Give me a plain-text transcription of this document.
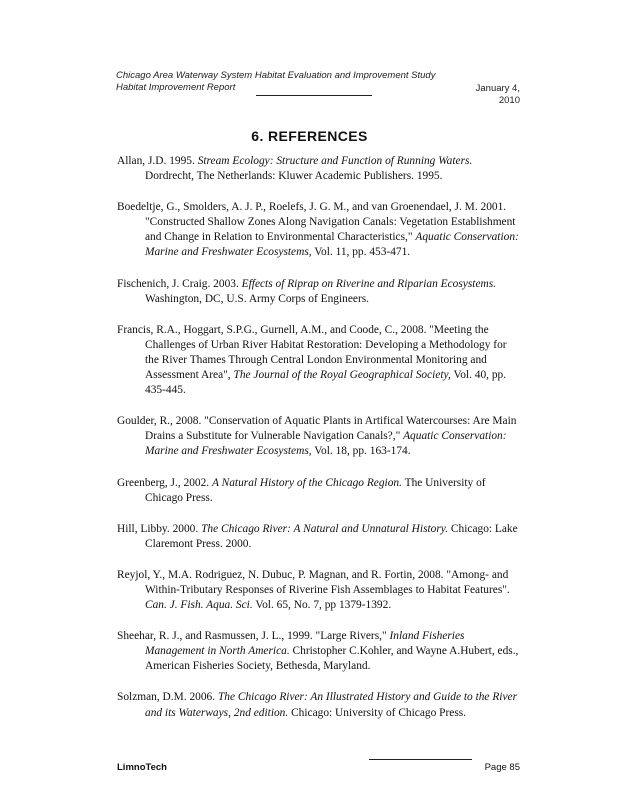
Chicago Area Waterway System Habitat Evaluation and Improvement Study
Habitat Improvement Report	January 4, 2010
6. REFERENCES

Allan, J.D. 1995. Stream Ecology: Structure and Function of Running Waters. Dordrecht, The Netherlands: Kluwer Academic Publishers. 1995.

Boedeltje, G., Smolders, A. J. P., Roelefs, J. G. M., and van Groenendael, J. M. 2001. "Constructed Shallow Zones Along Navigation Canals: Vegetation Establishment and Change in Relation to Environmental Characteristics," Aquatic Conservation: Marine and Freshwater Ecosystems, Vol. 11, pp. 453-471.

Fischenich, J. Craig. 2003. Effects of Riprap on Riverine and Riparian Ecosystems. Washington, DC, U.S. Army Corps of Engineers.

Francis, R.A., Hoggart, S.P.G., Gurnell, A.M., and Coode, C., 2008. "Meeting the Challenges of Urban River Habitat Restoration: Developing a Methodology for the River Thames Through Central London Environmental Monitoring and Assessment Area", The Journal of the Royal Geographical Society, Vol. 40, pp. 435-445.

Goulder, R., 2008. "Conservation of Aquatic Plants in Artifical Watercourses: Are Main Drains a Substitute for Vulnerable Navigation Canals?," Aquatic Conservation: Marine and Freshwater Ecosystems, Vol. 18, pp. 163-174.

Greenberg, J., 2002. A Natural History of the Chicago Region. The University of Chicago Press.

Hill, Libby. 2000. The Chicago River: A Natural and Unnatural History. Chicago: Lake Claremont Press. 2000.

Reyjol, Y., M.A. Rodriguez, N. Dubuc, P. Magnan, and R. Fortin, 2008. "Among- and Within-Tributary Responses of Riverine Fish Assemblages to Habitat Features". Can. J. Fish. Aqua. Sci. Vol. 65, No. 7, pp 1379-1392.

Sheehar, R. J., and Rasmussen, J. L., 1999. "Large Rivers," Inland Fisheries Management in North America. Christopher C.Kohler, and Wayne A.Hubert, eds., American Fisheries Society, Bethesda, Maryland.

Solzman, D.M. 2006. The Chicago River: An Illustrated History and Guide to the River and its Waterways, 2nd edition. Chicago: University of Chicago Press.

LimnoTech	Page 85
